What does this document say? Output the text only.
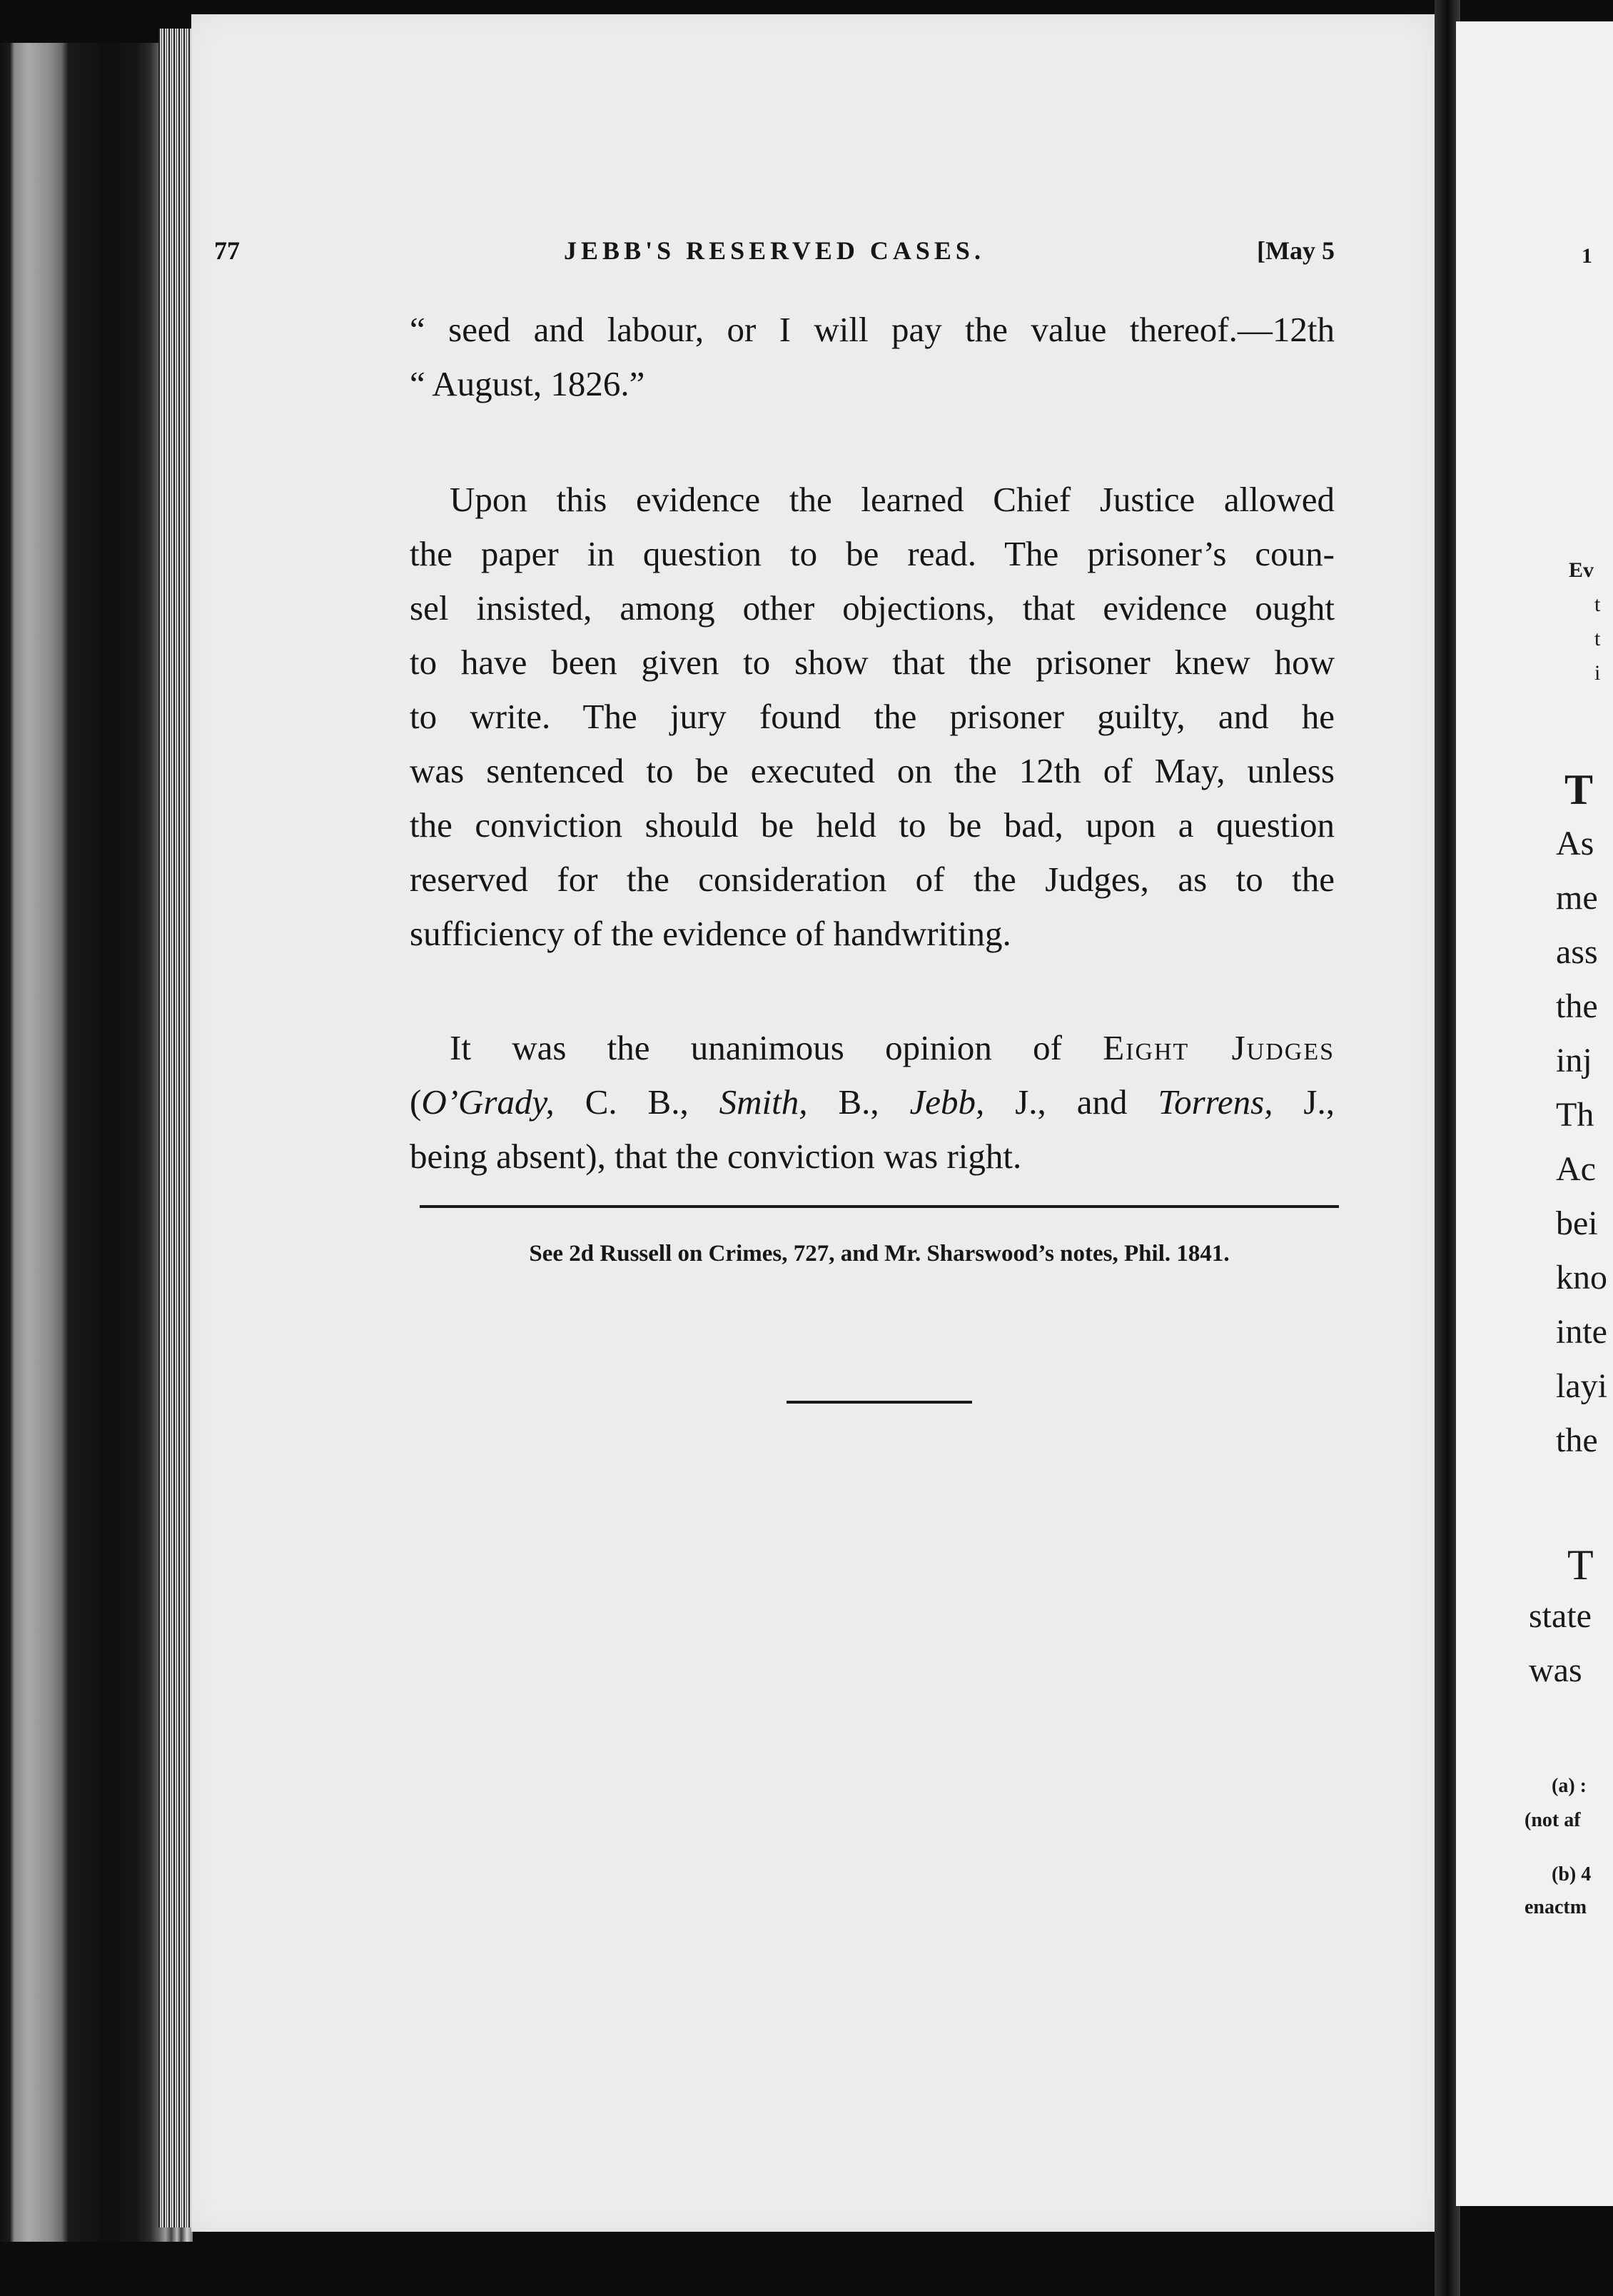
77	JEBB'S RESERVED CASES.	[May 5
“ seed and labour, or I will pay the value thereof.—12th
“ August, 1826.”
Upon this evidence the learned Chief Justice allowed
the paper in question to be read. The prisoner’s coun-
sel insisted, among other objections, that evidence ought
to have been given to show that the prisoner knew how
to write. The jury found the prisoner guilty, and he
was sentenced to be executed on the 12th of May, unless
the conviction should be held to be bad, upon a question
reserved for the consideration of the Judges, as to the
sufficiency of the evidence of handwriting.
It was the unanimous opinion of Eight Judges
(O’Grady, C. B., Smith, B., Jebb, J., and Torrens, J.,
being absent), that the conviction was right.
See 2d Russell on Crimes, 727, and Mr. Sharswood’s notes, Phil. 1841.
1
Ev
t
t
i
T
As
me
ass
the
inj
Th
Ac
bei
kno
inte
layi
the
T
state
was
(a) :
(not af
(b) 4
enactm
